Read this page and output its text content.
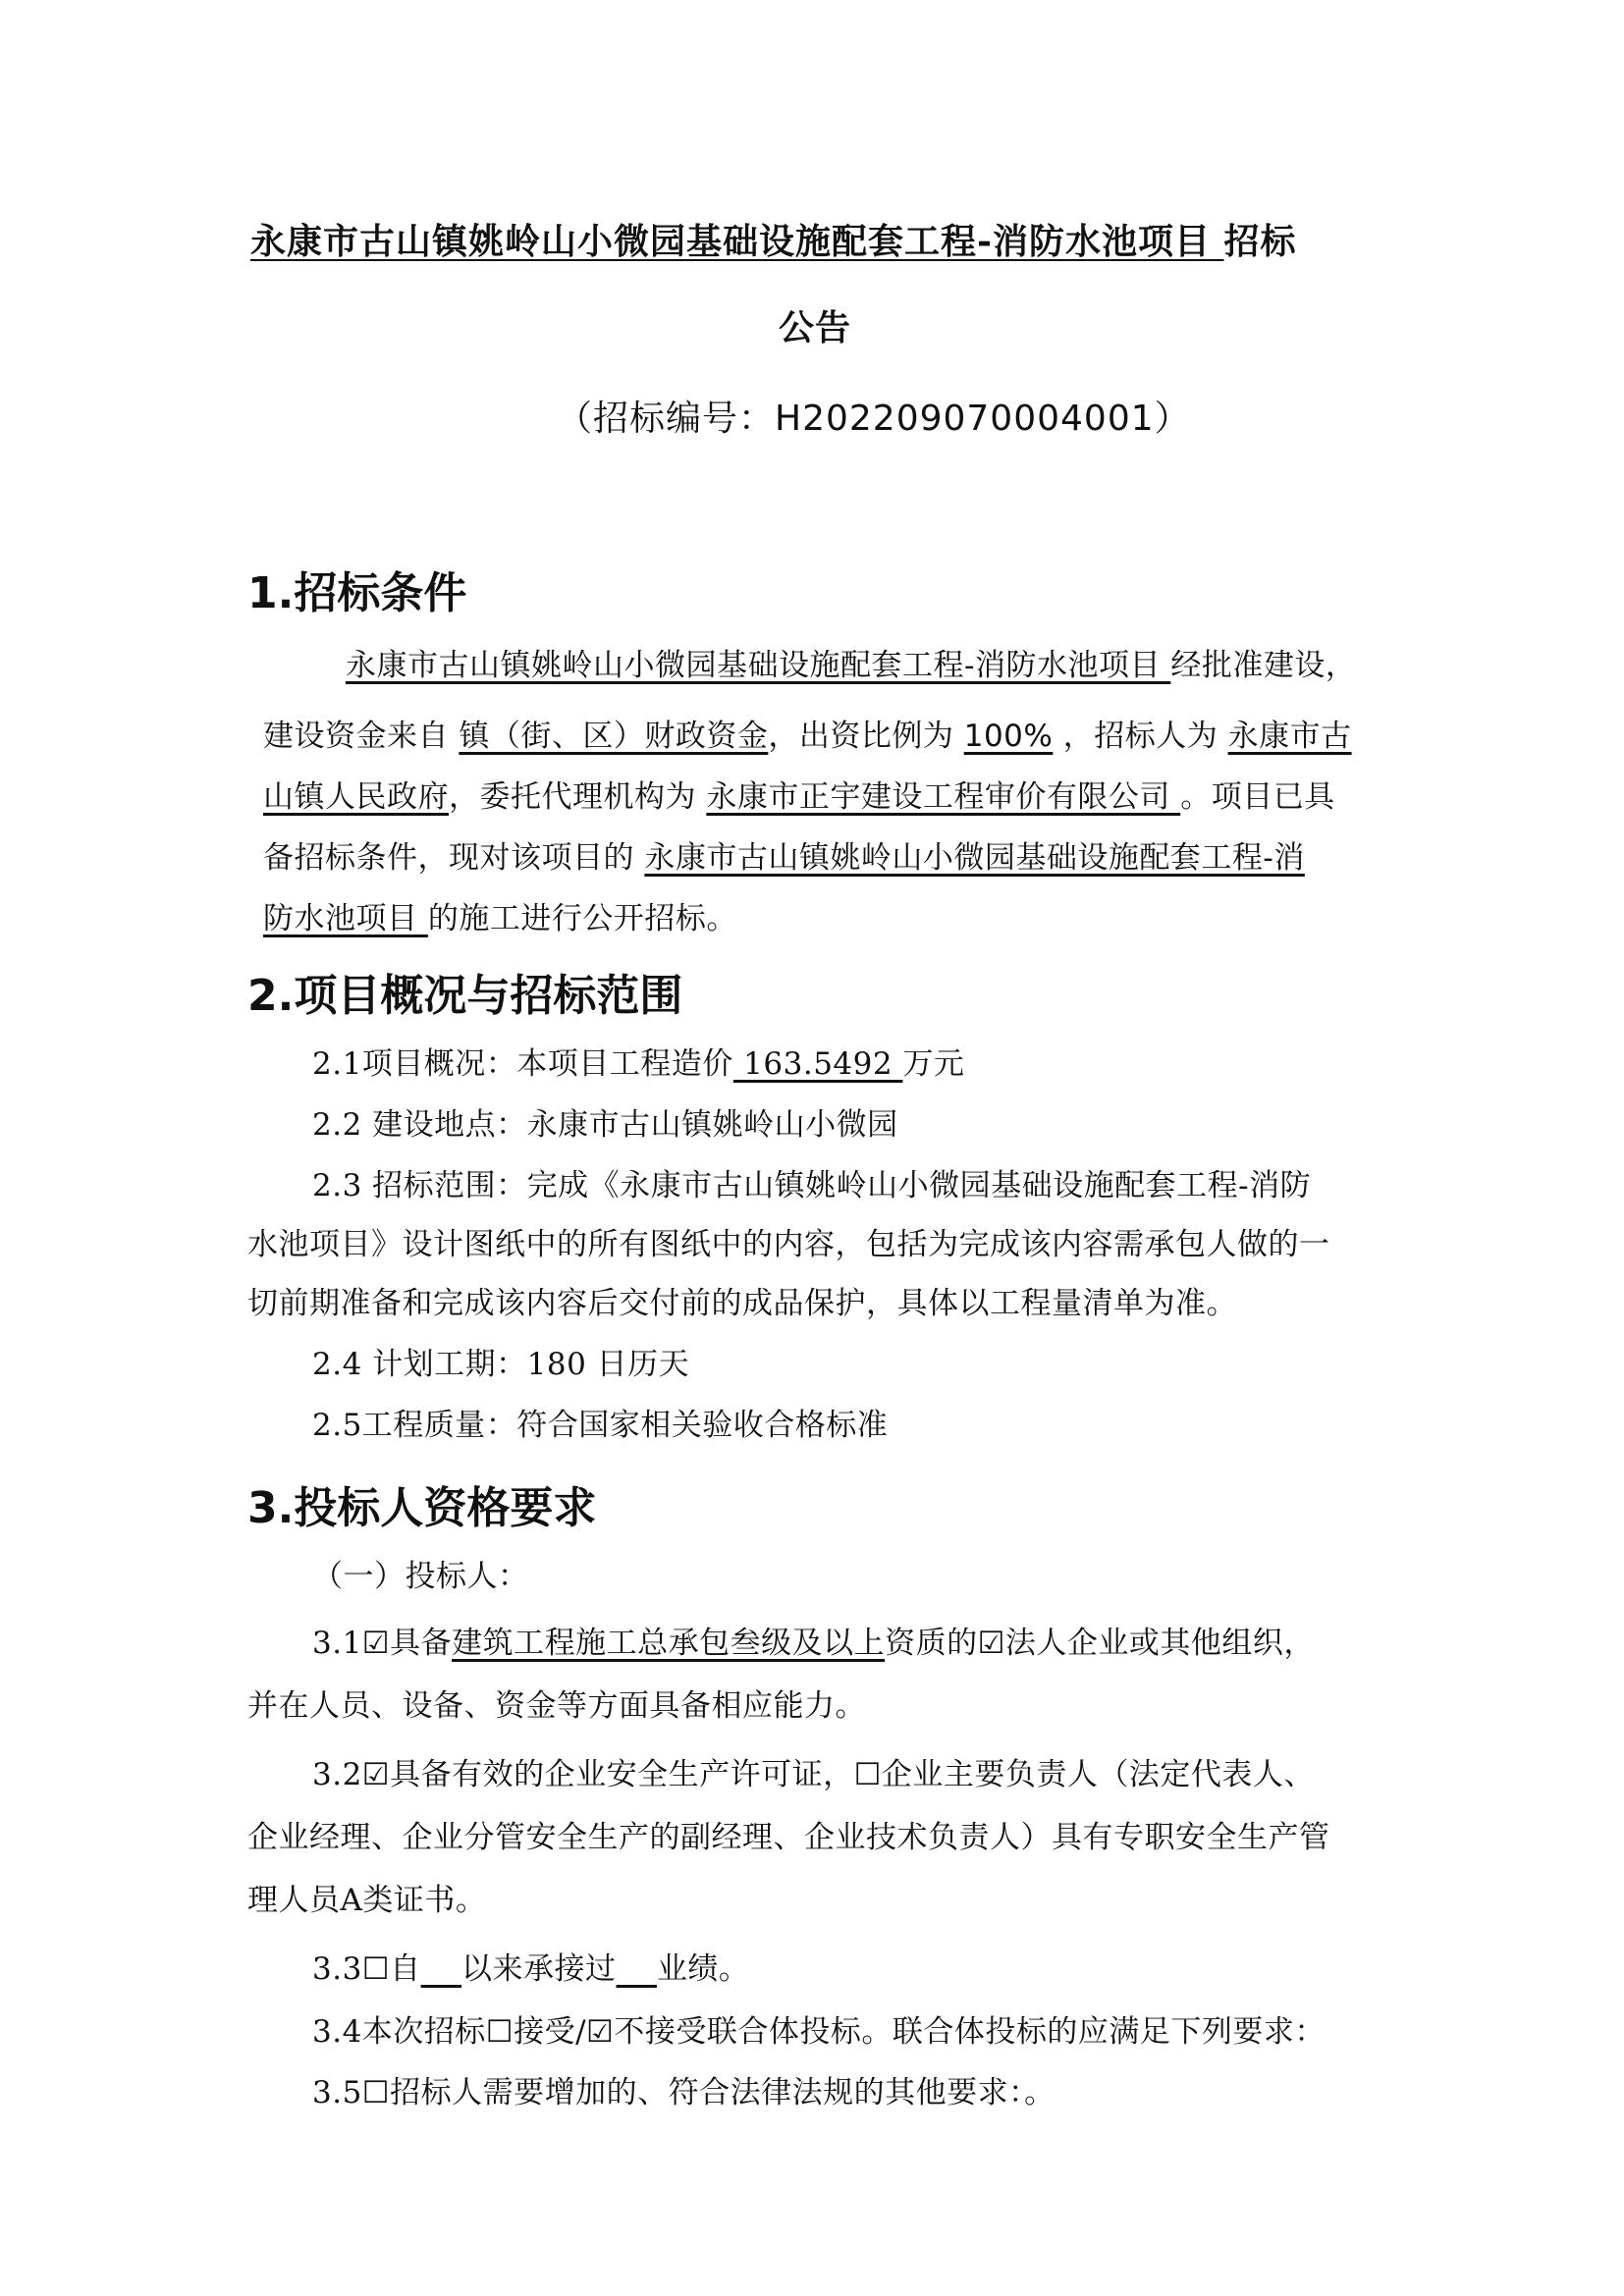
永康市古山镇姚岭山小微园基础设施配套工程-消防水池项目 招标
公告
（招标编号：H202209070004001）
1.招标条件
永康市古山镇姚岭山小微园基础设施配套工程-消防水池项目 经批准建设，
建设资金来自 镇（街、区）财政资金，出资比例为 100% ，招标人为 永康市古
山镇人民政府，委托代理机构为 永康市正宇建设工程审价有限公司 。项目已具
备招标条件，现对该项目的 永康市古山镇姚岭山小微园基础设施配套工程-消
防水池项目 的施工进行公开招标。
2.项目概况与招标范围
2.1项目概况：本项目工程造价 163.5492 万元
2.2 建设地点：永康市古山镇姚岭山小微园
2.3 招标范围：完成《永康市古山镇姚岭山小微园基础设施配套工程-消防
水池项目》设计图纸中的所有图纸中的内容，包括为完成该内容需承包人做的一
切前期准备和完成该内容后交付前的成品保护，具体以工程量清单为准。
2.4 计划工期：180 日历天
2.5工程质量：符合国家相关验收合格标准
3.投标人资格要求
（一）投标人：
3.1☑具备建筑工程施工总承包叁级及以上资质的☑法人企业或其他组织，
并在人员、设备、资金等方面具备相应能力。
3.2☑具备有效的企业安全生产许可证，☐企业主要负责人（法定代表人、
企业经理、企业分管安全生产的副经理、企业技术负责人）具有专职安全生产管
理人员A类证书。
3.3☐自 以来承接过 业绩。
3.4本次招标☐接受/☑不接受联合体投标。联合体投标的应满足下列要求：
3.5☐招标人需要增加的、符合法律法规的其他要求：。
